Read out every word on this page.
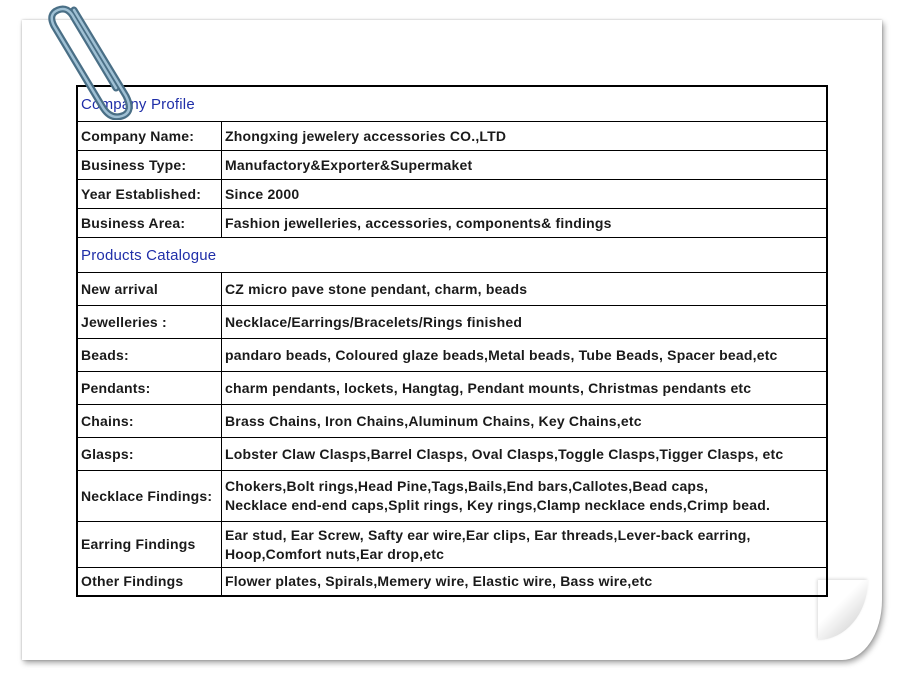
Company Profile	
Company Name:	Zhongxing jewelery accessories CO.,LTD
Business Type:	Manufactory&Exporter&Supermaket
Year Established:	Since 2000
Business Area:	Fashion jewelleries, accessories, components& findings
Products Catalogue	
New arrival	CZ micro pave stone pendant, charm, beads
Jewelleries :	Necklace/Earrings/Bracelets/Rings finished
Beads:	pandaro beads, Coloured glaze beads,Metal beads, Tube Beads, Spacer bead,etc
Pendants:	charm pendants, lockets, Hangtag, Pendant mounts, Christmas pendants etc
Chains:	Brass Chains, Iron Chains,Aluminum Chains, Key Chains,etc
Glasps:	Lobster Claw Clasps,Barrel Clasps, Oval Clasps,Toggle Clasps,Tigger Clasps, etc
Necklace Findings:	Chokers,Bolt rings,Head Pine,Tags,Bails,End bars,Callotes,Bead caps,
Necklace end-end caps,Split rings, Key rings,Clamp necklace ends,Crimp bead.

Earring Findings	Ear stud, Ear Screw, Safty ear wire,Ear clips, Ear threads,Lever-back earring,
Hoop,Comfort nuts,Ear drop,etc

Other Findings	Flower plates, Spirals,Memery wire, Elastic wire, Bass wire,etc
